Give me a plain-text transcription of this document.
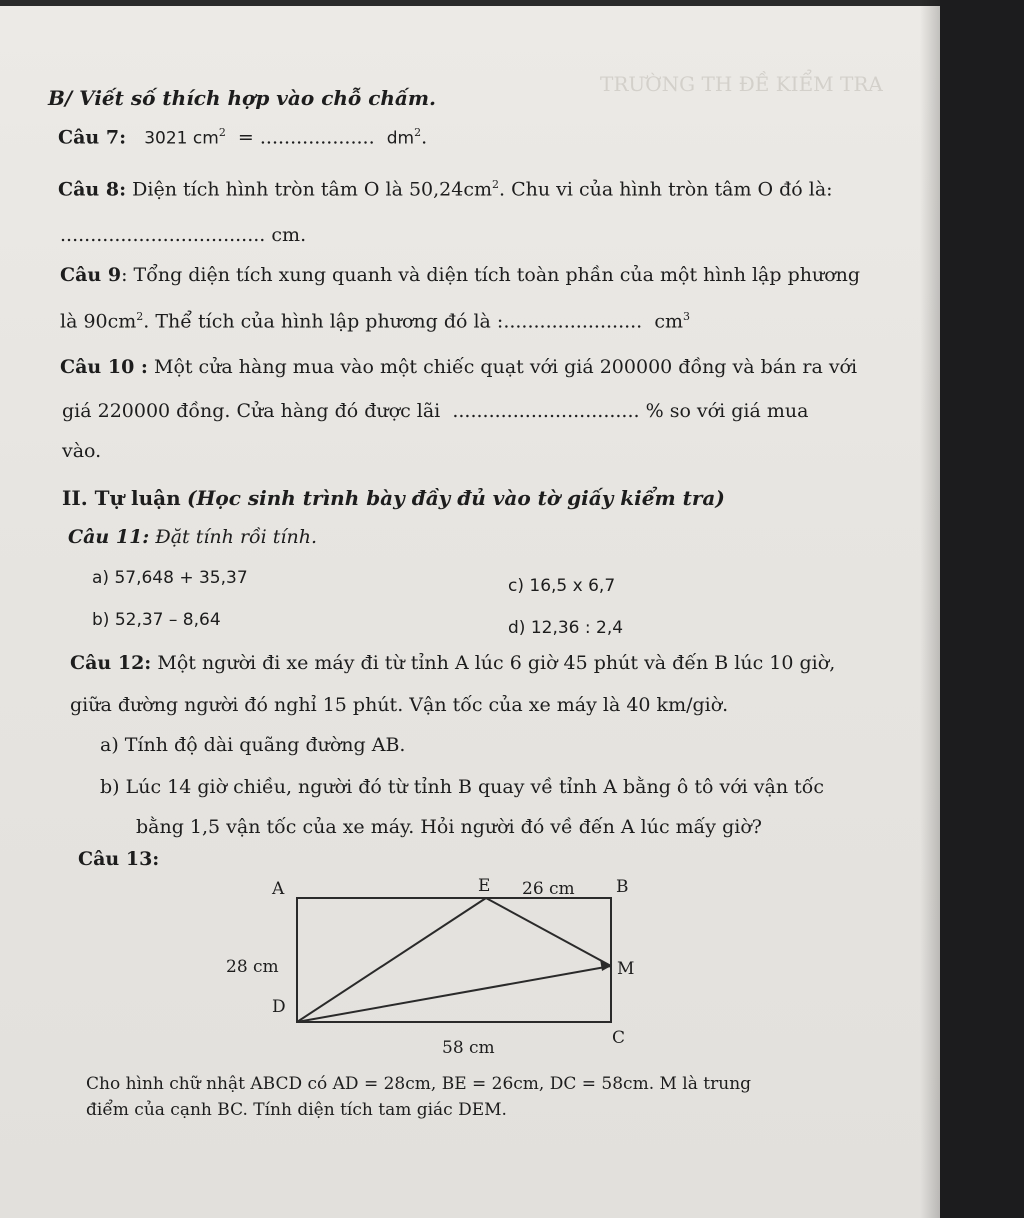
TRƯỜNG TH ĐỀ KIỂM TRA
B/ Viết số thích hợp vào chỗ chấm.
Câu 7: 3021 $cm^2$ = ................... $dm^2$.
Câu 8: Diện tích hình tròn tâm O là $50,24cm^2$. Chu vi của hình tròn tâm O đó là:
.................................. cm.
Câu 9: Tổng diện tích xung quanh và diện tích toàn phần của một hình lập phương
là $90cm^2$. Thể tích của hình lập phương đó là :....................... $cm^3$
Câu 10 : Một cửa hàng mua vào một chiếc quạt với giá 200000 đồng và bán ra với
giá 220000 đồng. Cửa hàng đó được lãi ............................... % so với giá mua
vào.
II. Tự luận (Học sinh trình bày đầy đủ vào tờ giấy kiểm tra)
Câu 11: Đặt tính rồi tính.
a) 57,648 + 35,37
b) 52,37 – 8,64
c) 16,5 x 6,7
d) 12,36 : 2,4
Câu 12: Một người đi xe máy đi từ tỉnh A lúc 6 giờ 45 phút và đến B lúc 10 giờ,
giữa đường người đó nghỉ 15 phút. Vận tốc của xe máy là 40 km/giờ.
a) Tính độ dài quãng đường AB.
b) Lúc 14 giờ chiều, người đó từ tỉnh B quay về tỉnh A bằng ô tô với vận tốc
bằng 1,5 vận tốc của xe máy. Hỏi người đó về đến A lúc mấy giờ?
Câu 13:
A	E 26 cm B
28 cm	M
D
58 cm	C
Cho hình chữ nhật ABCD có AD = 28cm, BE = 26cm, DC = 58cm. M là trung
điểm của cạnh BC. Tính diện tích tam giác DEM.
